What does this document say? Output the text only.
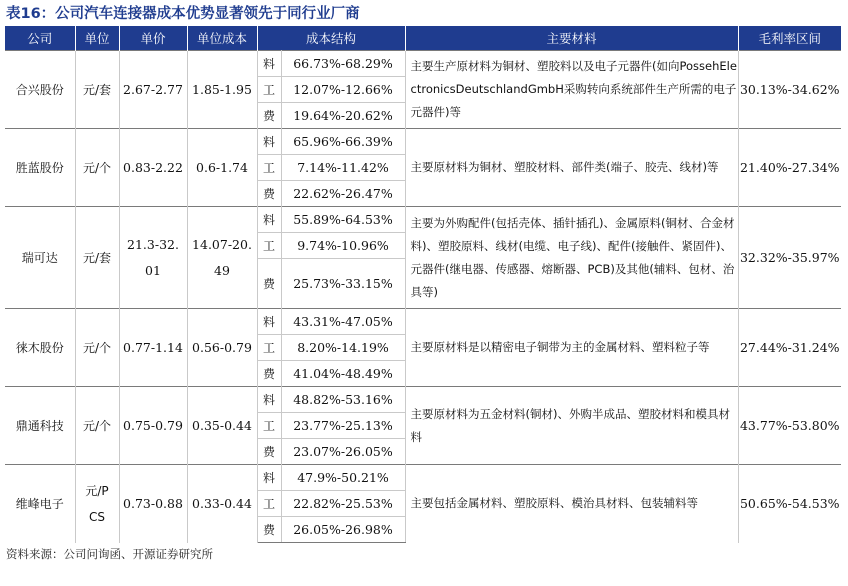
表16：公司汽车连接器成本优势显著领先于同行业厂商
公司	单位	单价	单位成本	成本结构		主要材料	毛利率区间
合兴股份	元/套	2.67-2.77	1.85-1.95	料	66.73%-68.29%	主要生产原材料为铜材、塑胶料以及电子元器件(如向PossehElectronicsDeutschlandGmbH采购转向系统部件生产所需的电子元器件)等	30.13%-34.62%
				工	12.07%-12.66%		
				费	19.64%-20.62%		
胜蓝股份	元/个	0.83-2.22	0.6-1.74	料	65.96%-66.39%	主要原材料为铜材、塑胶材料、部件类(端子、胶壳、线材)等	21.40%-27.34%
				工	7.14%-11.42%		
				费	22.62%-26.47%		
瑞可达	元/套	21.3-32.01	14.07-20.49	料	55.89%-64.53%	主要为外购配件(包括壳体、插针插孔)、金属原料(铜材、合金材料)、塑胶原料、线材(电缆、电子线)、配件(接触件、紧固件)、元器件(继电器、传感器、熔断器、PCB)及其他(辅料、包材、治具等)	32.32%-35.97%
				工	9.74%-10.96%		
				费	25.73%-33.15%		
徕木股份	元/个	0.77-1.14	0.56-0.79	料	43.31%-47.05%	主要原材料是以精密电子铜带为主的金属材料、塑料粒子等	27.44%-31.24%
				工	8.20%-14.19%		
				费	41.04%-48.49%		
鼎通科技	元/个	0.75-0.79	0.35-0.44	料	48.82%-53.16%	主要原材料为五金材料(铜材)、外购半成品、塑胶材料和模具材料	43.77%-53.80%
				工	23.77%-25.13%		
				费	23.07%-26.05%		
维峰电子	元/PCS	0.73-0.88	0.33-0.44	料	47.9%-50.21%	主要包括金属材料、塑胶原料、模治具材料、包装辅料等	50.65%-54.53%
				工	22.82%-25.53%		
				费	26.05%-26.98%		
资料来源：公司问询函、开源证券研究所
